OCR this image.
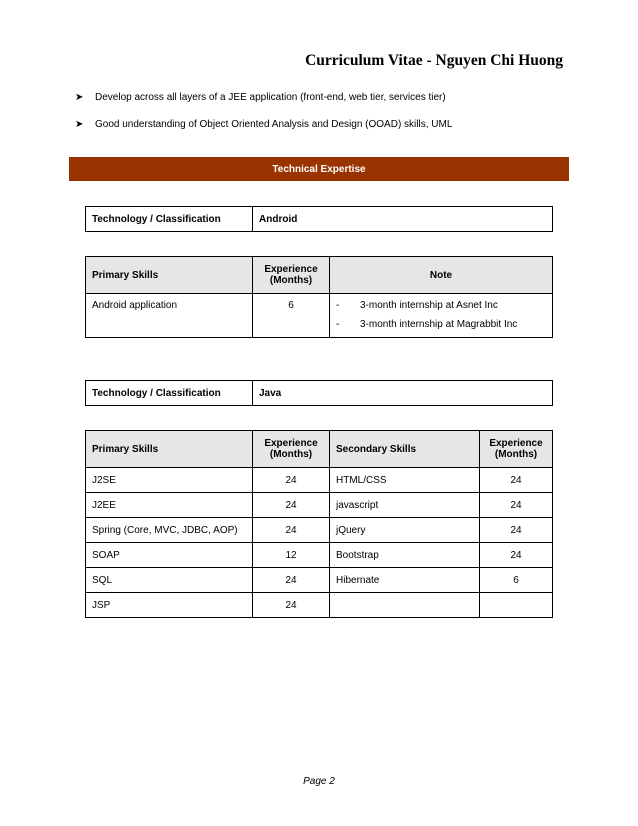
Curriculum Vitae - Nguyen Chi Huong
➤	Develop across all layers of a JEE application (front-end, web tier, services tier)
➤	Good understanding of Object Oriented Analysis and Design (OOAD) skills, UML
Technical Expertise
Technology / Classification	Android
Primary Skills	Experience (Months)	Note
Android application	6	- 3-month internship at Asnet Inc
- 3-month internship at Magrabbit Inc
Technology / Classification	Java
Primary Skills	Experience (Months)	Secondary Skills	Experience (Months)
J2SE	24	HTML/CSS	24
J2EE	24	javascript	24
Spring (Core, MVC, JDBC, AOP)	24	jQuery	24
SOAP	12	Bootstrap	24
SQL	24	Hibernate	6
JSP	24		
Page 2
